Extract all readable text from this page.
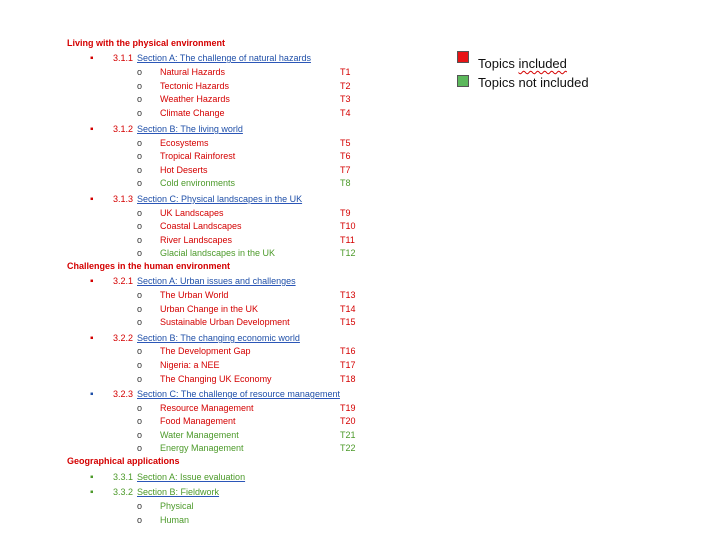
Topics included
Topics not included
Living with the physical environment
▪ 3.1.1 Section A: The challenge of natural hazards
o Natural Hazards	T1
o Tectonic Hazards	T2
o Weather Hazards	T3
o Climate Change	T4
▪ 3.1.2 Section B: The living world
o Ecosystems	T5
o Tropical Rainforest	T6
o Hot Deserts	T7
o Cold environments	T8
▪ 3.1.3 Section C: Physical landscapes in the UK
o UK Landscapes	T9
o Coastal Landscapes	T10
o River Landscapes	T11
o Glacial landscapes in the UK	T12
Challenges in the human environment
▪ 3.2.1 Section A: Urban issues and challenges
o The Urban World	T13
o Urban Change in the UK	T14
o Sustainable Urban Development	T15
▪ 3.2.2 Section B: The changing economic world
o The Development Gap	T16
o Nigeria: a NEE	T17
o The Changing UK Economy	T18
▪ 3.2.3 Section C: The challenge of resource management
o Resource Management	T19
o Food Management	T20
o Water Management	T21
o Energy Management	T22
Geographical applications
▪ 3.3.1 Section A: Issue evaluation
▪ 3.3.2 Section B: Fieldwork
o Physical
o Human
